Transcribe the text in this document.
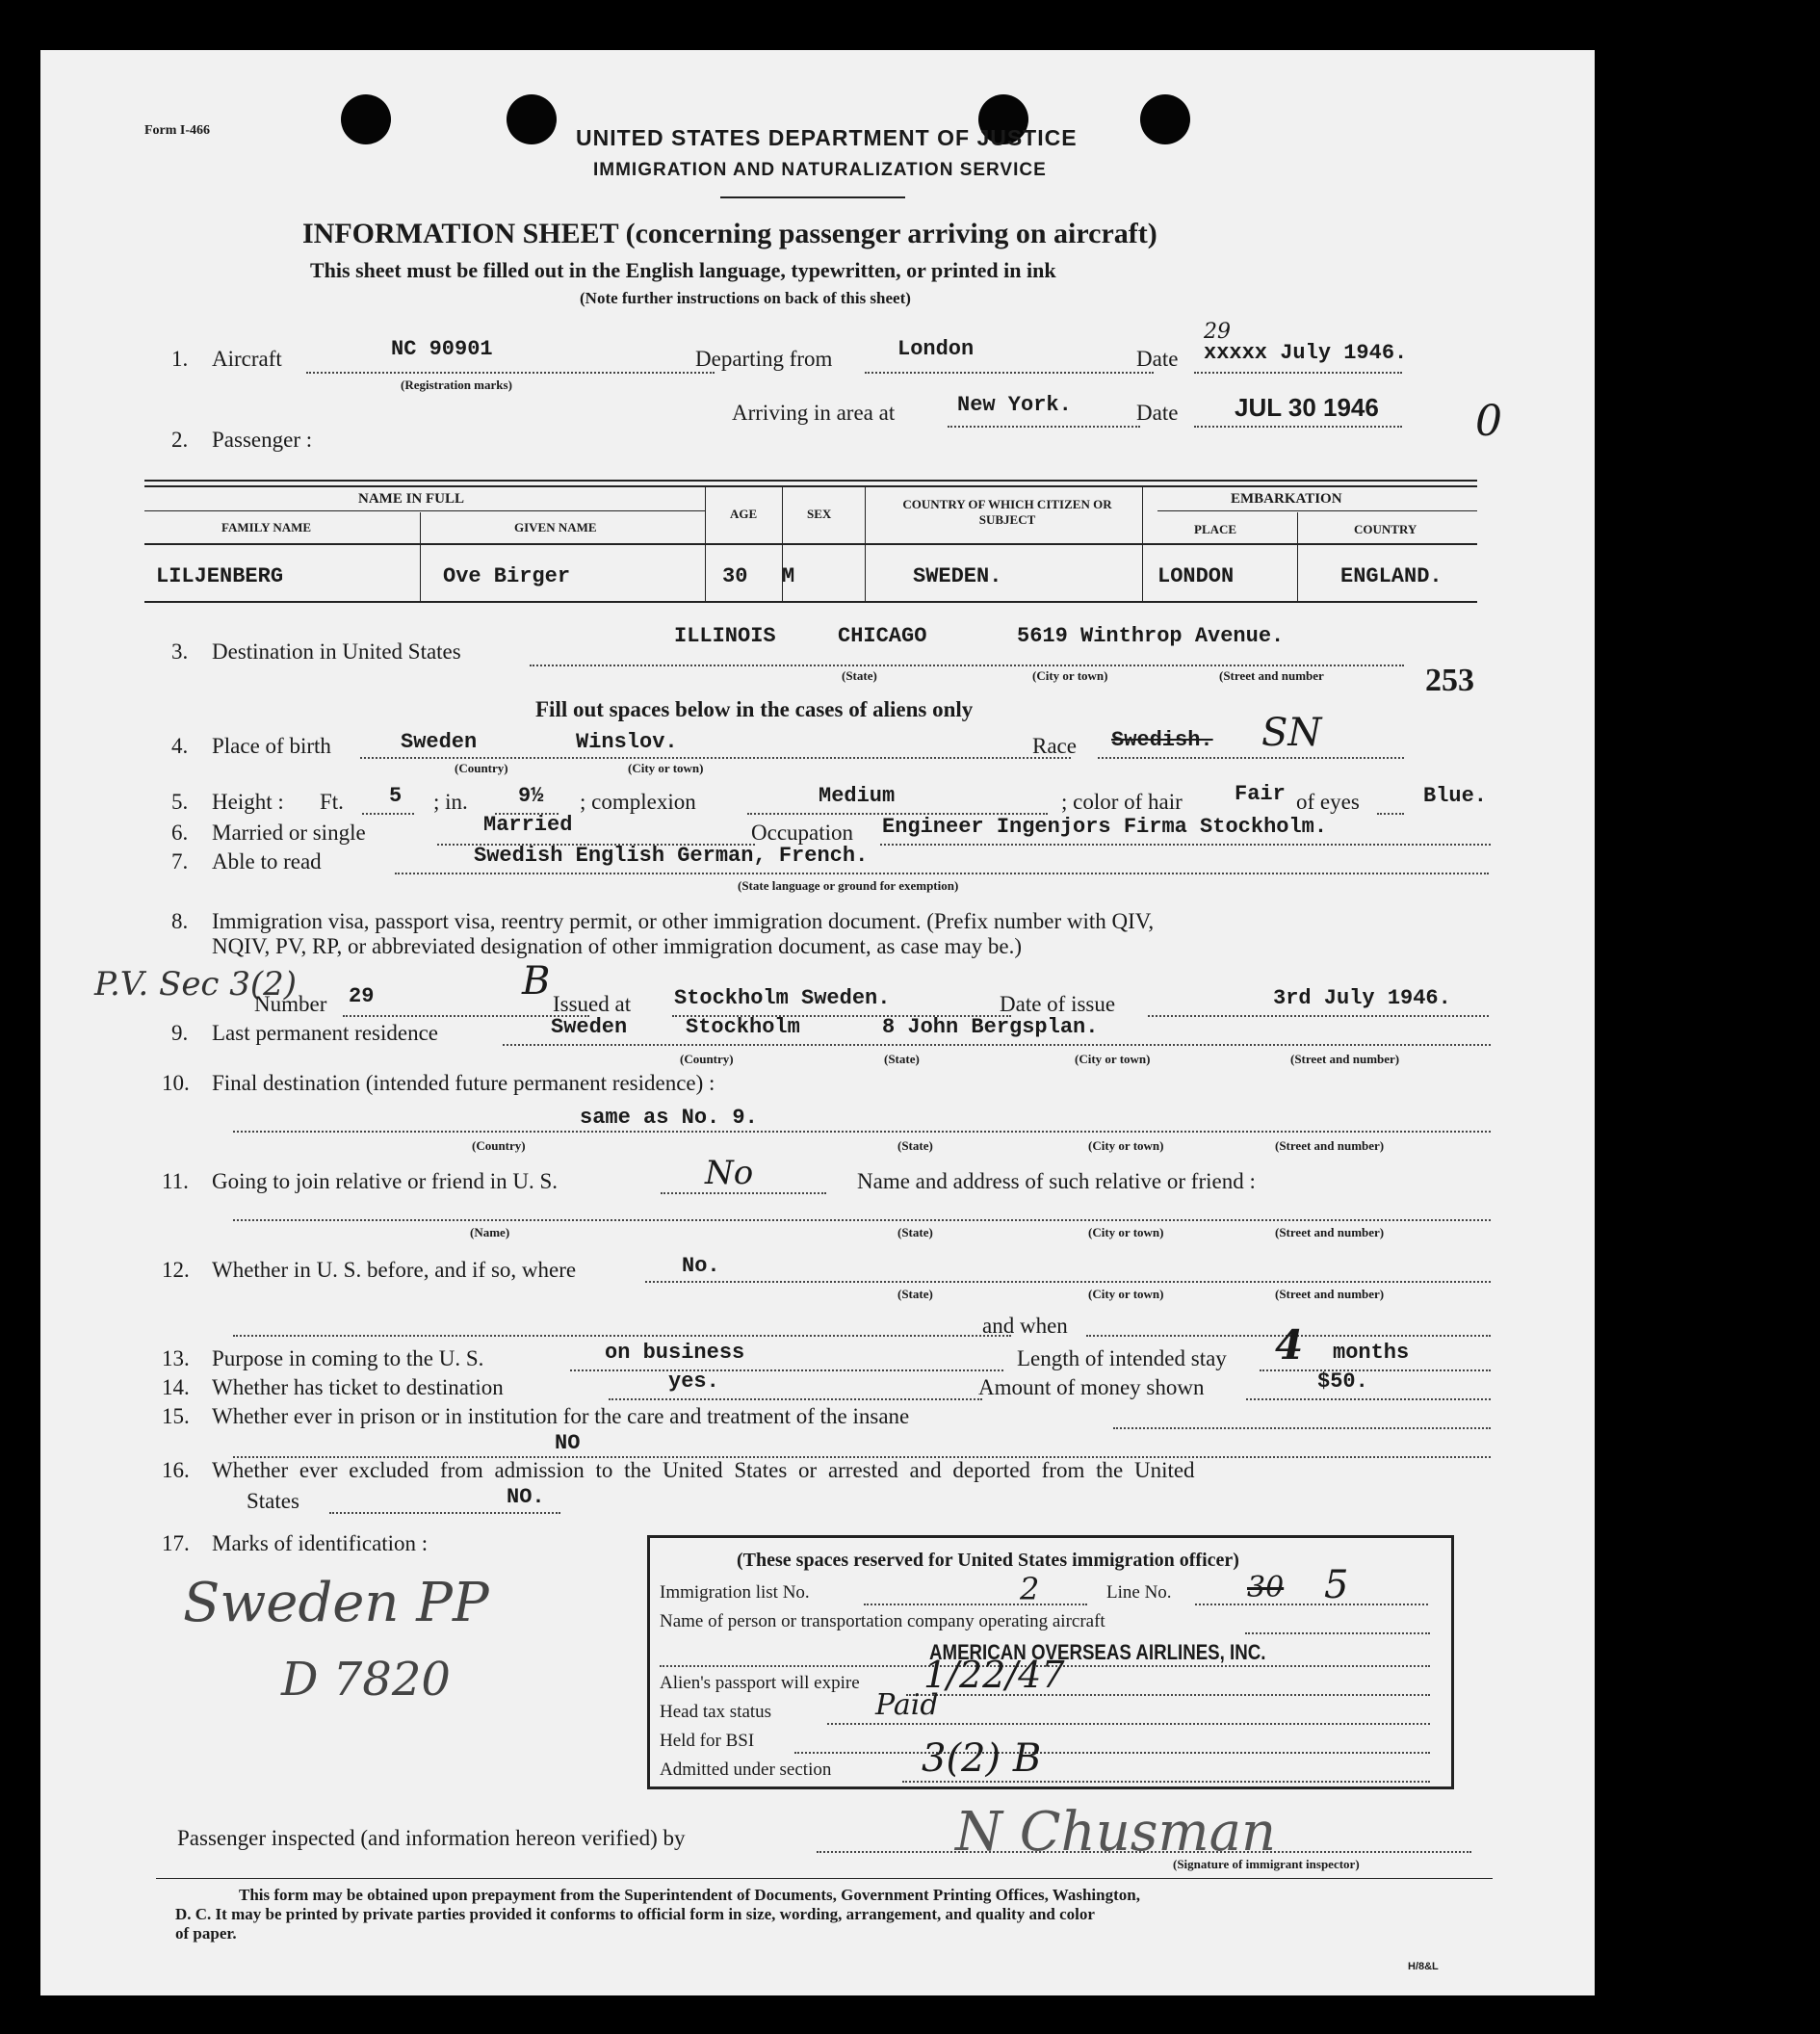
Form I-466	UNITED STATES DEPARTMENT OF JUSTICE
IMMIGRATION AND NATURALIZATION SERVICE
INFORMATION SHEET (concerning passenger arriving on aircraft)
This sheet must be filled out in the English language, typewritten, or printed in ink
(Note further instructions on back of this sheet)
1. Aircraft	NC 90901
(Registration marks)
Departing from	London	Date
29
xxxxx July 1946.
Arriving in area at	New York.	Date JUL 30 1946 0
2. Passenger :
NAME IN FULL
FAMILY NAME	GIVEN NAME
AGE	SEX
COUNTRY OF WHICH CITIZEN OR SUBJECT
EMBARKATION
PLACE	COUNTRY
LILJENBERG	Ove Birger	30 M	SWEDEN.	LONDON	ENGLAND.
3. Destination in United States
ILLINOIS	CHICAGO	5619 Winthrop Avenue.
(State)	(City or town)	(Street and number	253
Fill out spaces below in the cases of aliens only
4. Place of birth	Sweden	Winslov.
(Country)	(City or town)
Race Swedish. SN
5. Height : Ft. 5 ; in. 9½ ; complexion	Medium	; color of hair Fair of eyes	Blue.
6. Married or single	Married	Occupation Engineer Ingenjors Firma Stockholm.
7. Able to read	Swedish English German, French.
(State language or ground for exemption)
8. Immigration visa, passport visa, reentry permit, or other immigration document. (Prefix number with QIV,
NQIV, PV, RP, or abbreviated designation of other immigration document, as case may be.)
P.V. Sec 3(2)
Number 29	B
Issued at Stockholm Sweden.	Date of issue	3rd July 1946.
9. Last permanent residence	Sweden	Stockholm	8 John Bergsplan.
(Country)	(State)	(City or town)	(Street and number)
10. Final destination (intended future permanent residence) :
same as No. 9.
(Country)	(State)	(City or town)	(Street and number)
11. Going to join relative or friend in U. S.	No	Name and address of such relative or friend :
(Name)	(State)	(City or town)	(Street and number)
12. Whether in U. S. before, and if so, where	No.
(State)	(City or town)	(Street and number)
and when
13. Purpose in coming to the U. S.	on business	Length of intended stay 4 months
14. Whether has ticket to destination	yes.	Amount of money shown	$50.
15. Whether ever in prison or in institution for the care and treatment of the insane
NO
16. Whether ever excluded from admission to the United States or arrested and deported from the United
States	NO.
17. Marks of identification :
Sweden PP
D 7820
(These spaces reserved for United States immigration officer)
Immigration list No.	2	Line No.	30 5
Name of person or transportation company operating aircraft
AMERICAN OVERSEAS AIRLINES, INC.
Alien's passport will expire 1/22/47
Head tax status	Paid
Held for BSI
Admitted under section 3(2) B
Passenger inspected (and information hereon verified) by	N Chusman
(Signature of immigrant inspector)
This form may be obtained upon prepayment from the Superintendent of Documents, Government Printing Offices, Washington,
D. C. It may be printed by private parties provided it conforms to official form in size, wording, arrangement, and quality and color
of paper.
H/8&L
